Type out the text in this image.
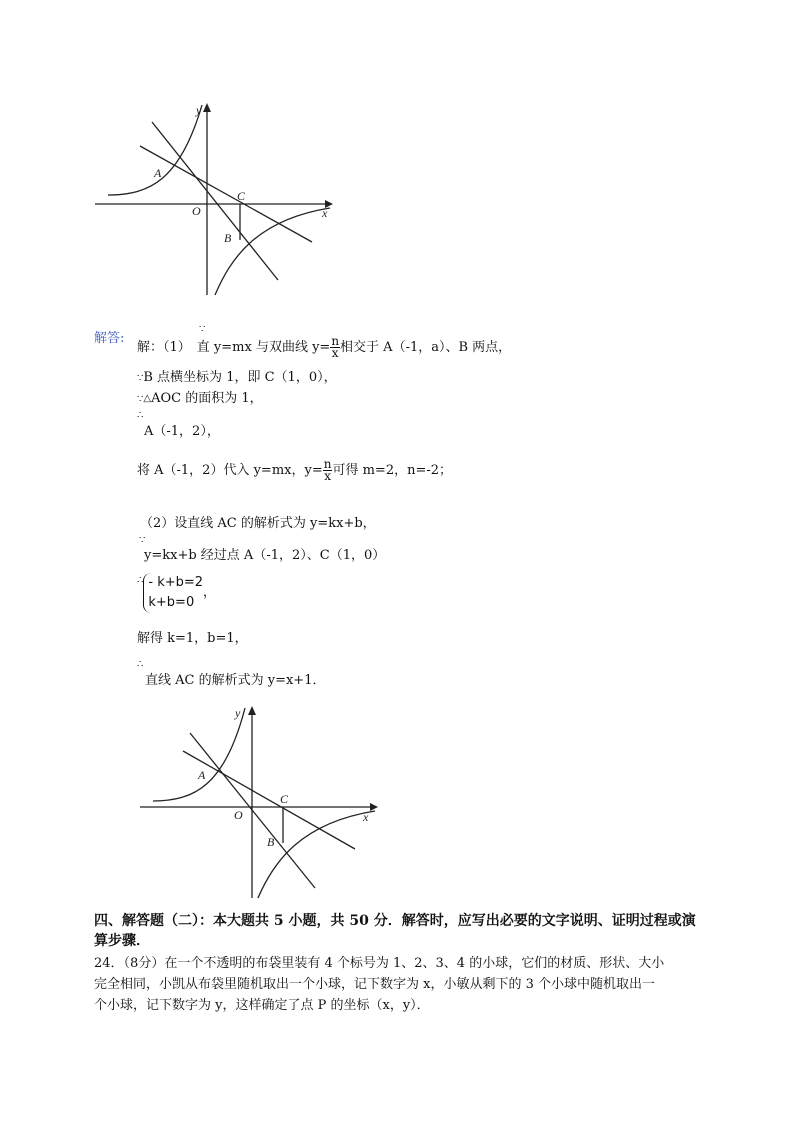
y
x
A
C
O
B
解答:
∵
解：（1） 直 y=mx 与双曲线 $y= \frac{n}{x}$ 相交于 A（-1，a）、B 两点，
∵B 点横坐标为 1，即 C（1，0），
∵△AOC 的面积为 1，
∴
A（-1，2），
将 A（-1，2）代入 y=mx，$y= \frac{n}{x}$ 可得 m=2，n=-2；
（2）设直线 AC 的解析式为 y=kx+b，
∵
y=kx+b 经过点 A（-1，2）、C（1，0）
∴ - k+b=2
k+b=0
，
解得 k=1，b=1，
∴
直线 AC 的解析式为 y=x+1．
y
x
A
C
O
B
四、解答题（二）：本大题共 5 小题，共 50 分．解答时，应写出必要的文字说明、证明过程或演
算步骤．
24．（8分）在一个不透明的布袋里装有 4 个标号为 1、2、3、4 的小球，它们的材质、形状、大小
完全相同，小凯从布袋里随机取出一个小球，记下数字为 x，小敏从剩下的 3 个小球中随机取出一
个小球，记下数字为 y，这样确定了点 P 的坐标（x，y）．
